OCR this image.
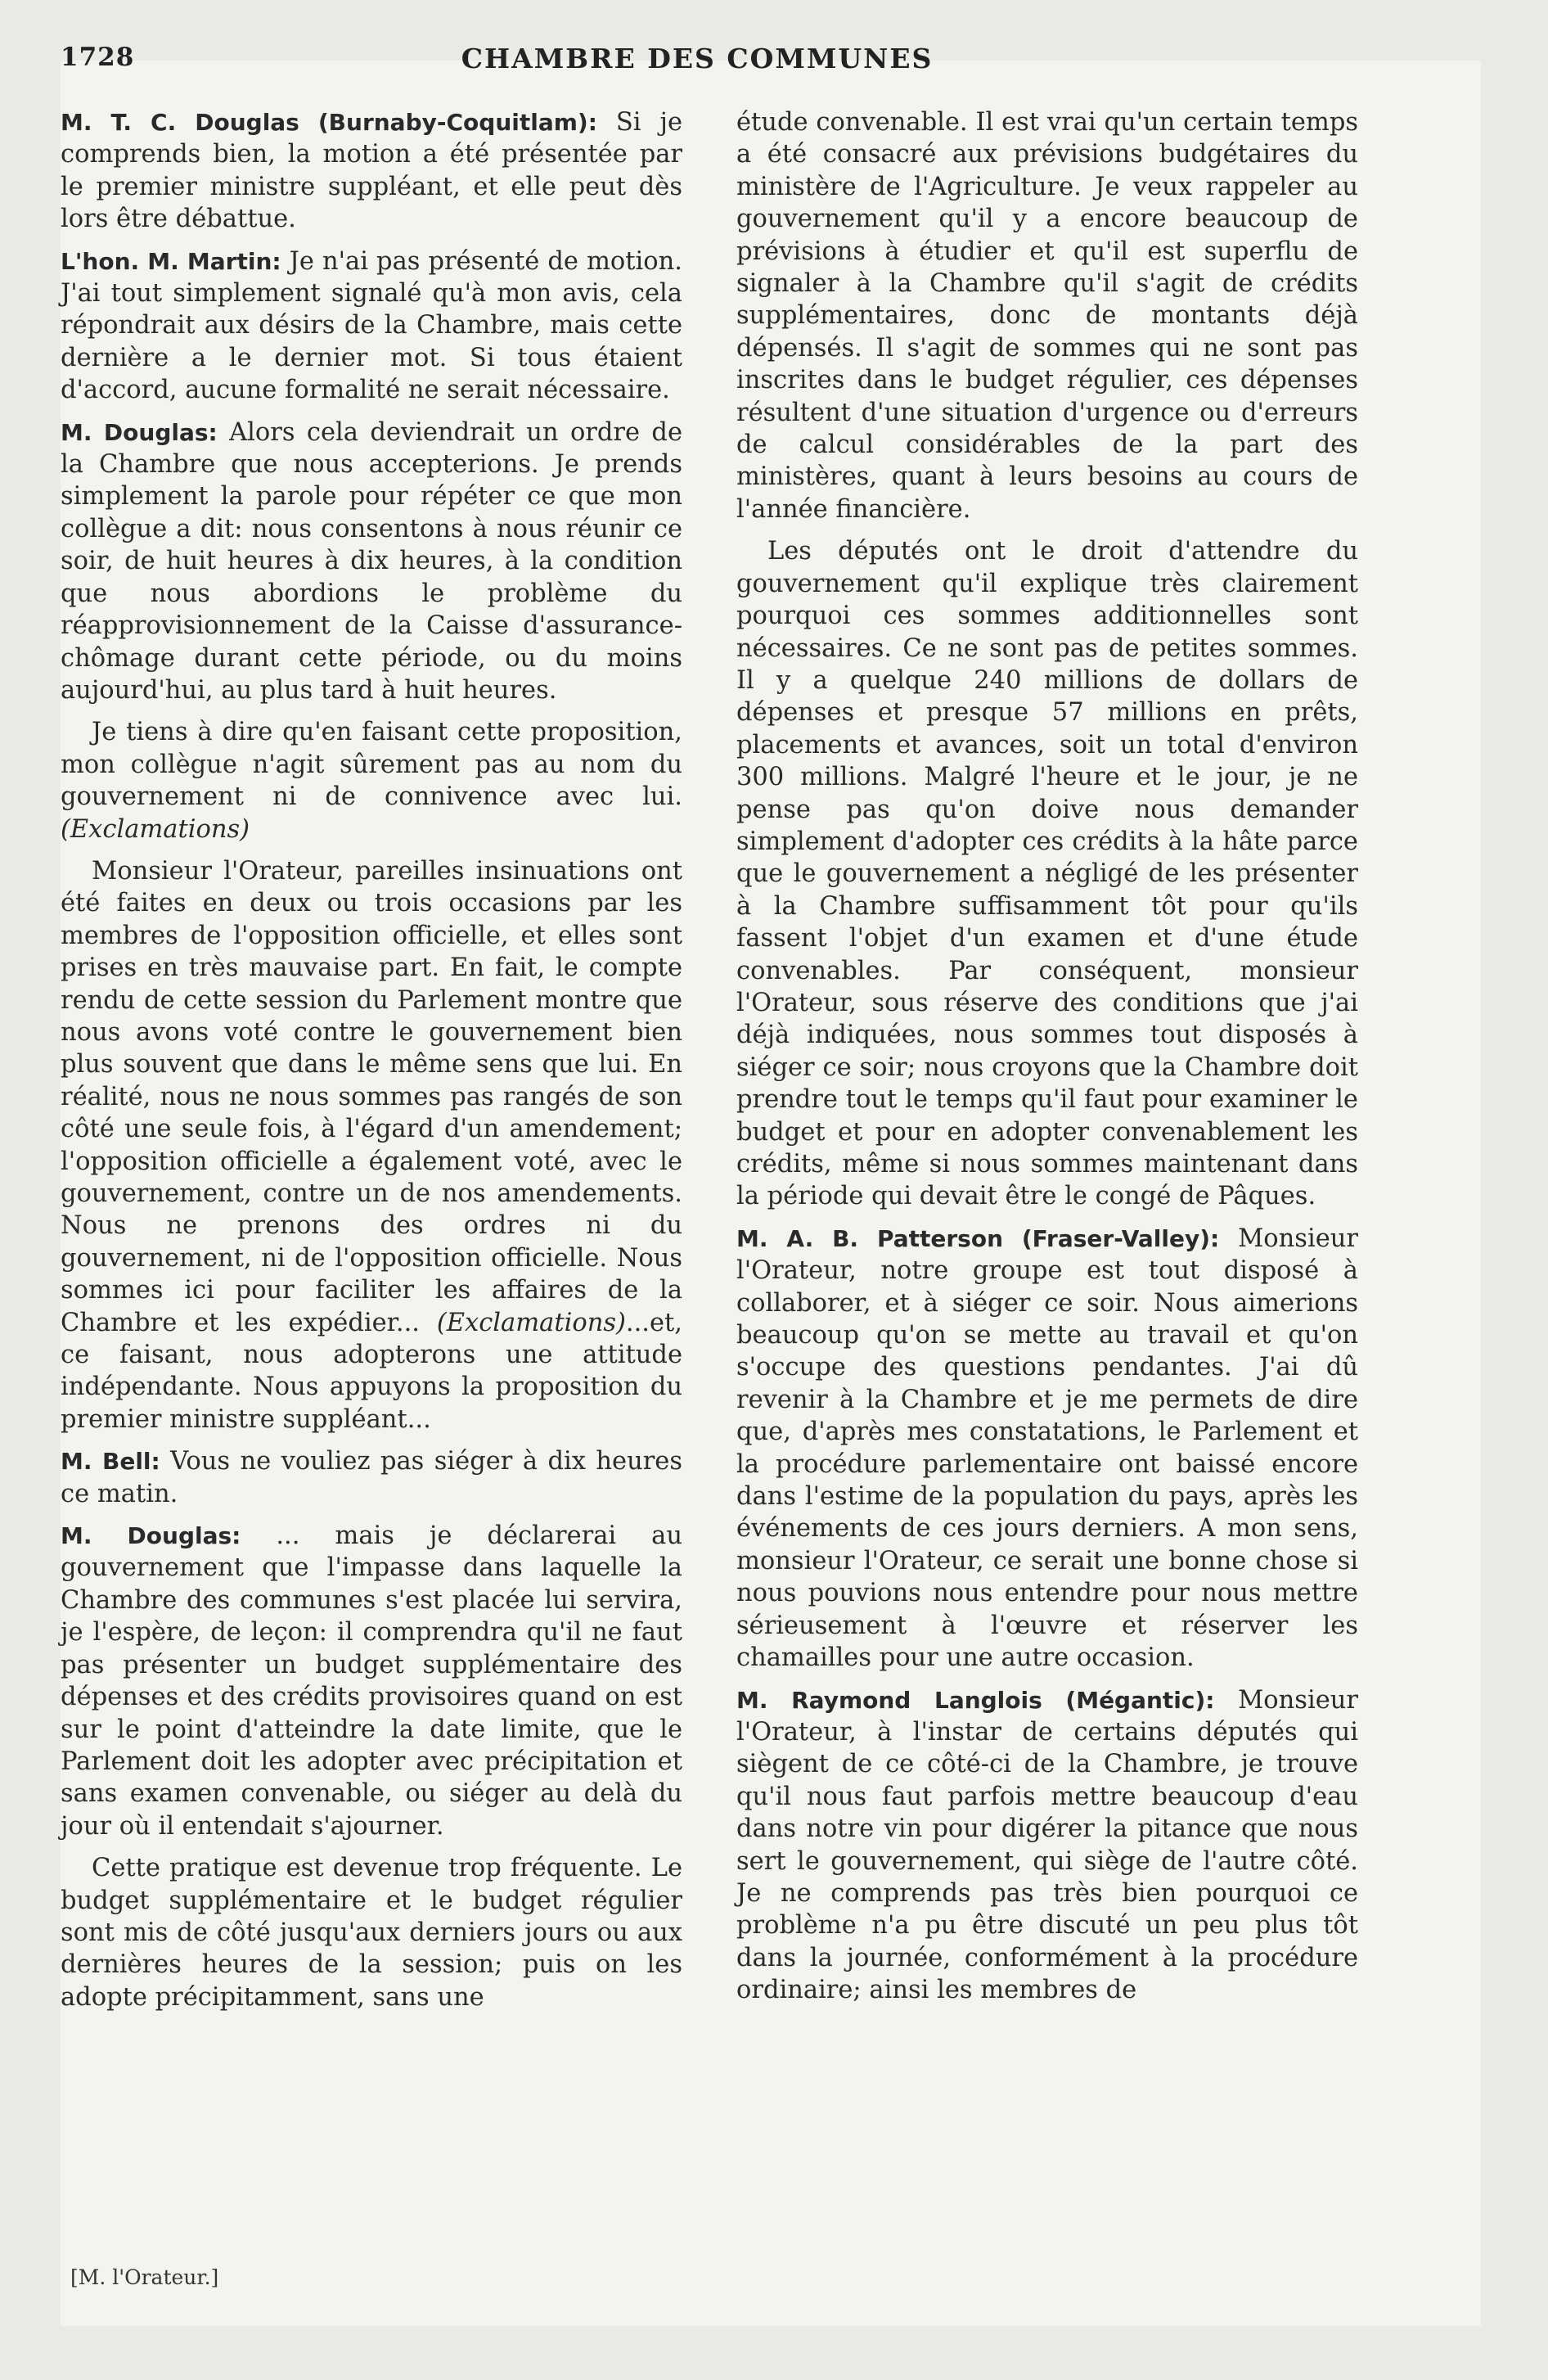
1728	CHAMBRE DES COMMUNES

M. T. C. Douglas (Burnaby-Coquitlam): Si je comprends bien, la motion a été présentée par le premier ministre suppléant, et elle peut dès lors être débattue.

L'hon. M. Martin: Je n'ai pas présenté de motion. J'ai tout simplement signalé qu'à mon avis, cela répondrait aux désirs de la Chambre, mais cette dernière a le dernier mot. Si tous étaient d'accord, aucune formalité ne serait nécessaire.

M. Douglas: Alors cela deviendrait un ordre de la Chambre que nous accepterions. Je prends simplement la parole pour répéter ce que mon collègue a dit: nous consentons à nous réunir ce soir, de huit heures à dix heures, à la condition que nous abordions le problème du réapprovisionnement de la Caisse d'assurance-chômage durant cette période, ou du moins aujourd'hui, au plus tard à huit heures.

Je tiens à dire qu'en faisant cette proposition, mon collègue n'agit sûrement pas au nom du gouvernement ni de connivence avec lui. (Exclamations)

Monsieur l'Orateur, pareilles insinuations ont été faites en deux ou trois occasions par les membres de l'opposition officielle, et elles sont prises en très mauvaise part. En fait, le compte rendu de cette session du Parlement montre que nous avons voté contre le gouvernement bien plus souvent que dans le même sens que lui. En réalité, nous ne nous sommes pas rangés de son côté une seule fois, à l'égard d'un amendement; l'opposition officielle a également voté, avec le gouvernement, contre un de nos amendements. Nous ne prenons des ordres ni du gouvernement, ni de l'opposition officielle. Nous sommes ici pour faciliter les affaires de la Chambre et les expédier... (Exclamations)...et, ce faisant, nous adopterons une attitude indépendante. Nous appuyons la proposition du premier ministre suppléant...

M. Bell: Vous ne vouliez pas siéger à dix heures ce matin.

M. Douglas: ... mais je déclarerai au gouvernement que l'impasse dans laquelle la Chambre des communes s'est placée lui servira, je l'espère, de leçon: il comprendra qu'il ne faut pas présenter un budget supplémentaire des dépenses et des crédits provisoires quand on est sur le point d'atteindre la date limite, que le Parlement doit les adopter avec précipitation et sans examen convenable, ou siéger au delà du jour où il entendait s'ajourner.

Cette pratique est devenue trop fréquente. Le budget supplémentaire et le budget régulier sont mis de côté jusqu'aux derniers jours ou aux dernières heures de la session; puis on les adopte précipitamment, sans une

étude convenable. Il est vrai qu'un certain temps a été consacré aux prévisions budgétaires du ministère de l'Agriculture. Je veux rappeler au gouvernement qu'il y a encore beaucoup de prévisions à étudier et qu'il est superflu de signaler à la Chambre qu'il s'agit de crédits supplémentaires, donc de montants déjà dépensés. Il s'agit de sommes qui ne sont pas inscrites dans le budget régulier, ces dépenses résultent d'une situation d'urgence ou d'erreurs de calcul considérables de la part des ministères, quant à leurs besoins au cours de l'année financière.

Les députés ont le droit d'attendre du gouvernement qu'il explique très clairement pourquoi ces sommes additionnelles sont nécessaires. Ce ne sont pas de petites sommes. Il y a quelque 240 millions de dollars de dépenses et presque 57 millions en prêts, placements et avances, soit un total d'environ 300 millions. Malgré l'heure et le jour, je ne pense pas qu'on doive nous demander simplement d'adopter ces crédits à la hâte parce que le gouvernement a négligé de les présenter à la Chambre suffisamment tôt pour qu'ils fassent l'objet d'un examen et d'une étude convenables. Par conséquent, monsieur l'Orateur, sous réserve des conditions que j'ai déjà indiquées, nous sommes tout disposés à siéger ce soir; nous croyons que la Chambre doit prendre tout le temps qu'il faut pour examiner le budget et pour en adopter convenablement les crédits, même si nous sommes maintenant dans la période qui devait être le congé de Pâques.

M. A. B. Patterson (Fraser-Valley): Monsieur l'Orateur, notre groupe est tout disposé à collaborer, et à siéger ce soir. Nous aimerions beaucoup qu'on se mette au travail et qu'on s'occupe des questions pendantes. J'ai dû revenir à la Chambre et je me permets de dire que, d'après mes constatations, le Parlement et la procédure parlementaire ont baissé encore dans l'estime de la population du pays, après les événements de ces jours derniers. A mon sens, monsieur l'Orateur, ce serait une bonne chose si nous pouvions nous entendre pour nous mettre sérieusement à l'œuvre et réserver les chamailles pour une autre occasion.

M. Raymond Langlois (Mégantic): Monsieur l'Orateur, à l'instar de certains députés qui siègent de ce côté-ci de la Chambre, je trouve qu'il nous faut parfois mettre beaucoup d'eau dans notre vin pour digérer la pitance que nous sert le gouvernement, qui siège de l'autre côté. Je ne comprends pas très bien pourquoi ce problème n'a pu être discuté un peu plus tôt dans la journée, conformément à la procédure ordinaire; ainsi les membres de

[M. l'Orateur.]
